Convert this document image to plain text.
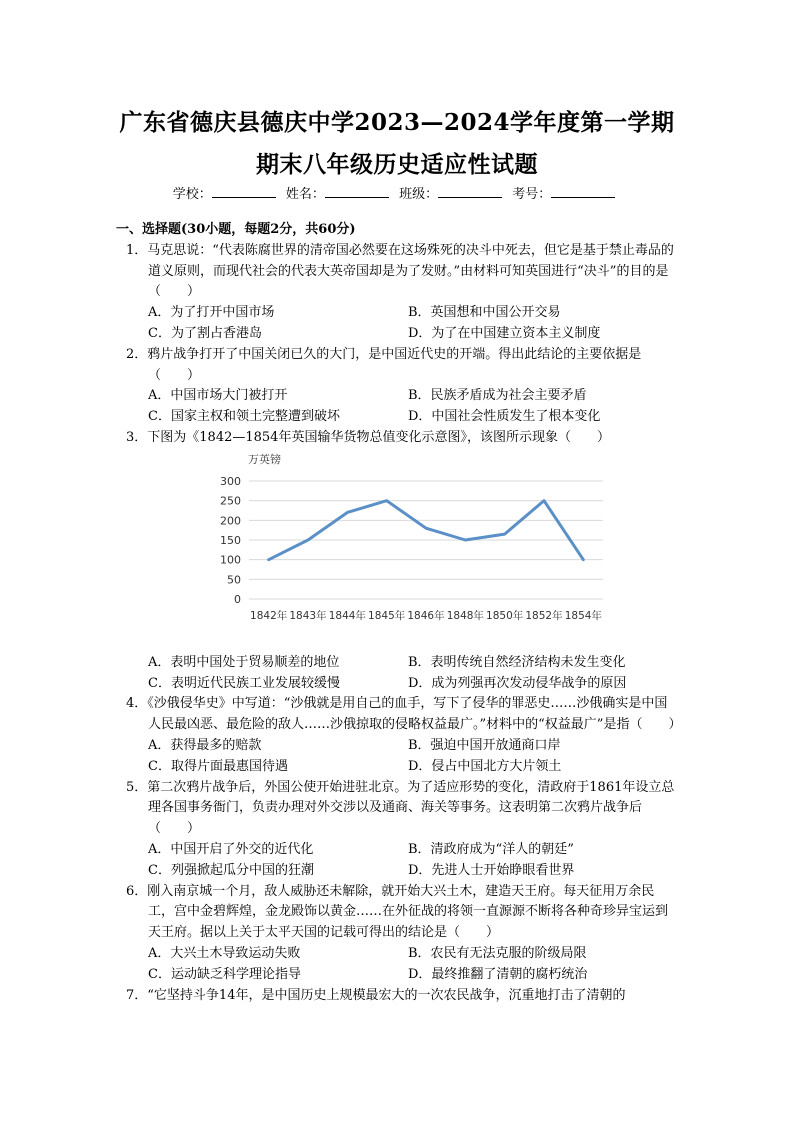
广东省德庆县德庆中学2023—2024学年度第一学期
期末八年级历史适应性试题
学校：	姓名：	班级：	考号：
一、选择题(30小题，每题2分，共60分)
1．马克思说：“代表陈腐世界的清帝国必然要在这场殊死的决斗中死去，但它是基于禁止毒品的道义原则，而现代社会的代表大英帝国却是为了发财。”由材料可知英国进行“决斗”的目的是（　　）
A．为了打开中国市场	B．英国想和中国公开交易
C．为了割占香港岛	D．为了在中国建立资本主义制度
2．鸦片战争打开了中国关闭已久的大门，是中国近代史的开端。得出此结论的主要依据是（　　）
A．中国市场大门被打开	B．民族矛盾成为社会主要矛盾
C．国家主权和领土完整遭到破坏	D．中国社会性质发生了根本变化
3．下图为《1842—1854年英国输华货物总值变化示意图》，该图所示现象（　　）
万英镑
0
50
100
150
200
250
300
1842年 1843年 1844年 1845年 1846年 1848年 1850年 1852年 1854年
A．表明中国处于贸易顺差的地位	B．表明传统自然经济结构未发生变化
C．表明近代民族工业发展较缓慢	D．成为列强再次发动侵华战争的原因
4．《沙俄侵华史》中写道：“沙俄就是用自己的血手，写下了侵华的罪恶史……沙俄确实是中国人民最凶恶、最危险的敌人……沙俄掠取的侵略权益最广。”材料中的“权益最广”是指（　　）
A．获得最多的赔款	B．强迫中国开放通商口岸
C．取得片面最惠国待遇	D．侵占中国北方大片领土
5．第二次鸦片战争后，外国公使开始进驻北京。为了适应形势的变化，清政府于1861年设立总理各国事务衙门，负责办理对外交涉以及通商、海关等事务。这表明第二次鸦片战争后（　　）
A．中国开启了外交的近代化	B．清政府成为“洋人的朝廷”
C．列强掀起瓜分中国的狂潮	D．先进人士开始睁眼看世界
6．刚入南京城一个月，敌人威胁还未解除，就开始大兴土木，建造天王府。每天征用万余民工，宫中金碧辉煌，金龙殿饰以黄金……在外征战的将领一直源源不断将各种奇珍异宝运到天王府。据以上关于太平天国的记载可得出的结论是（　　）
A．大兴土木导致运动失败	B．农民有无法克服的阶级局限
C．运动缺乏科学理论指导	D．最终推翻了清朝的腐朽统治
7．“它坚持斗争14年，是中国历史上规模最宏大的一次农民战争，沉重地打击了清朝的
